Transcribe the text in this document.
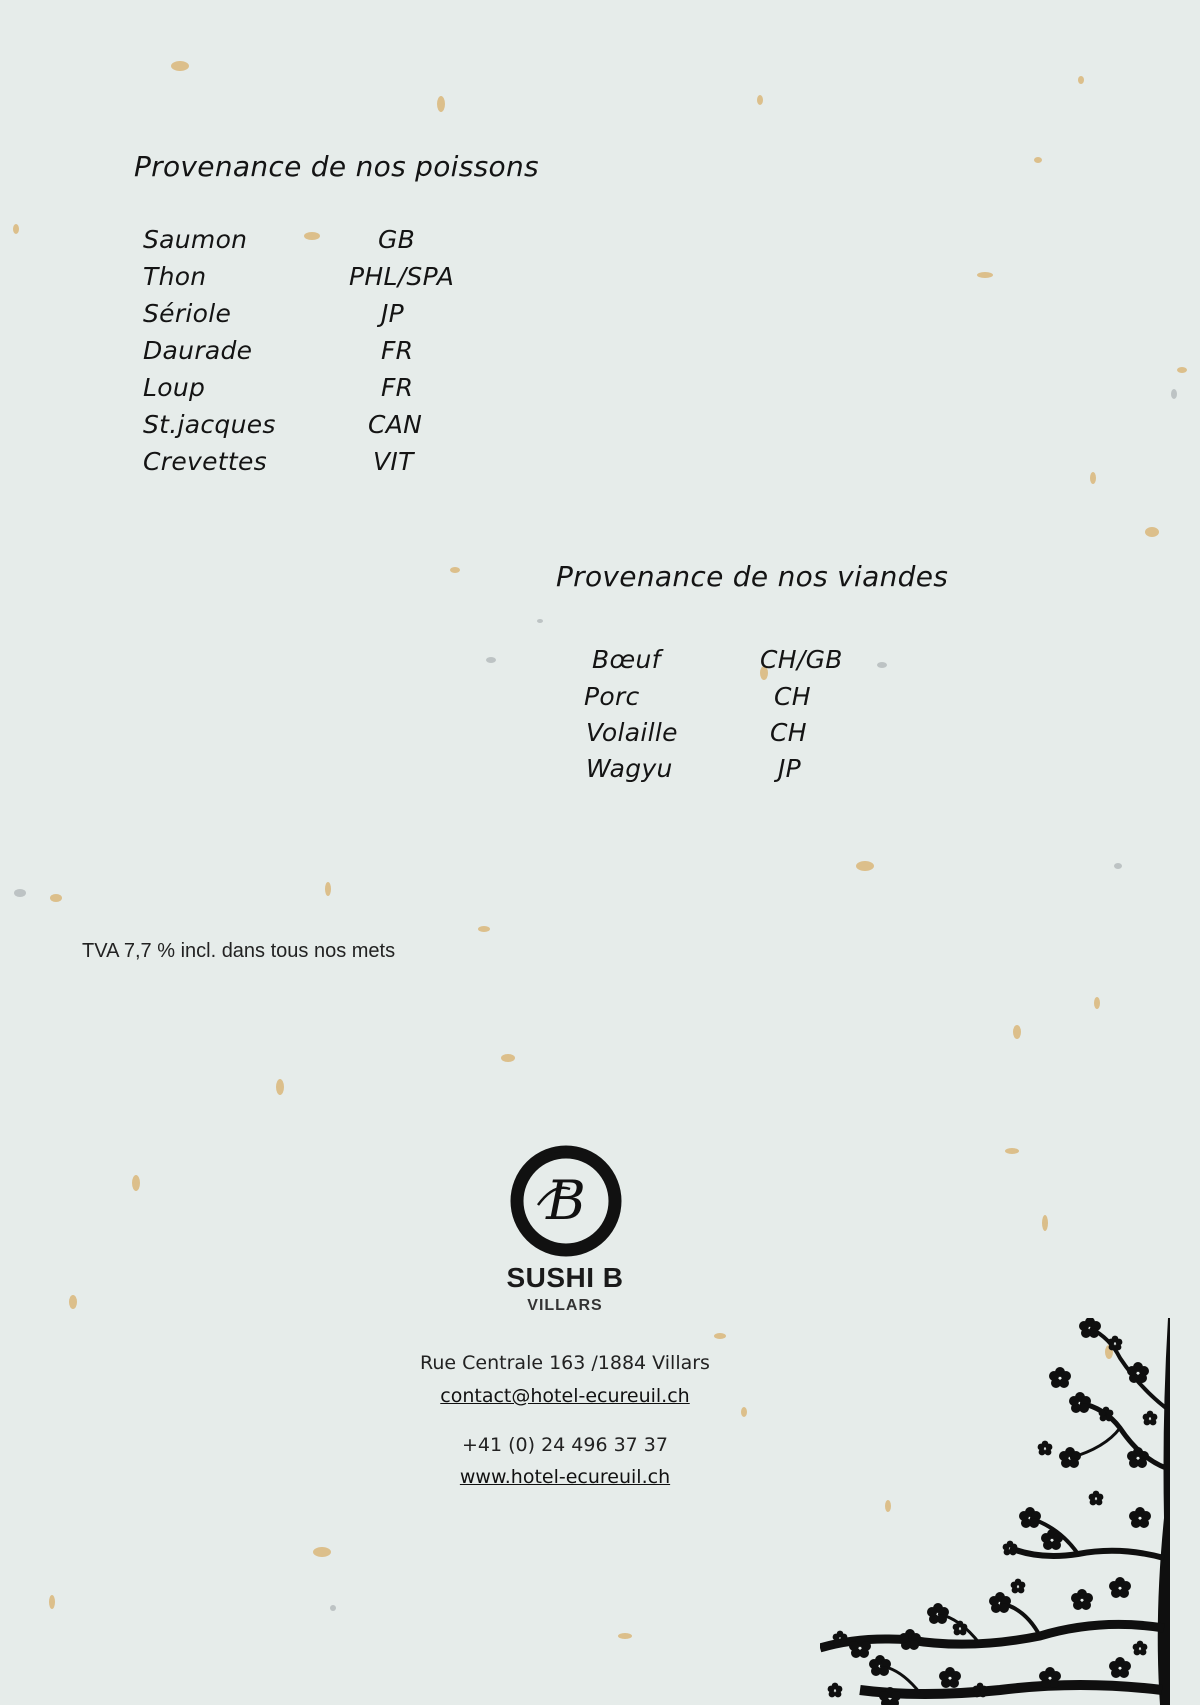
Provenance de nos poissons
Saumon	GB
Thon	PHL/SPA
Sériole	JP
Daurade	FR
Loup	FR
St.jacques	CAN
Crevettes	VIT
Provenance de nos viandes
Bœuf	CH/GB
Porc	CH
Volaille	CH
Wagyu	JP
TVA 7,7 % incl. dans tous nos mets
B
SUSHI B
VILLARS
Rue Centrale 163 /1884 Villars
contact@hotel-ecureuil.ch
+41 (0) 24 496 37 37
www.hotel-ecureuil.ch
